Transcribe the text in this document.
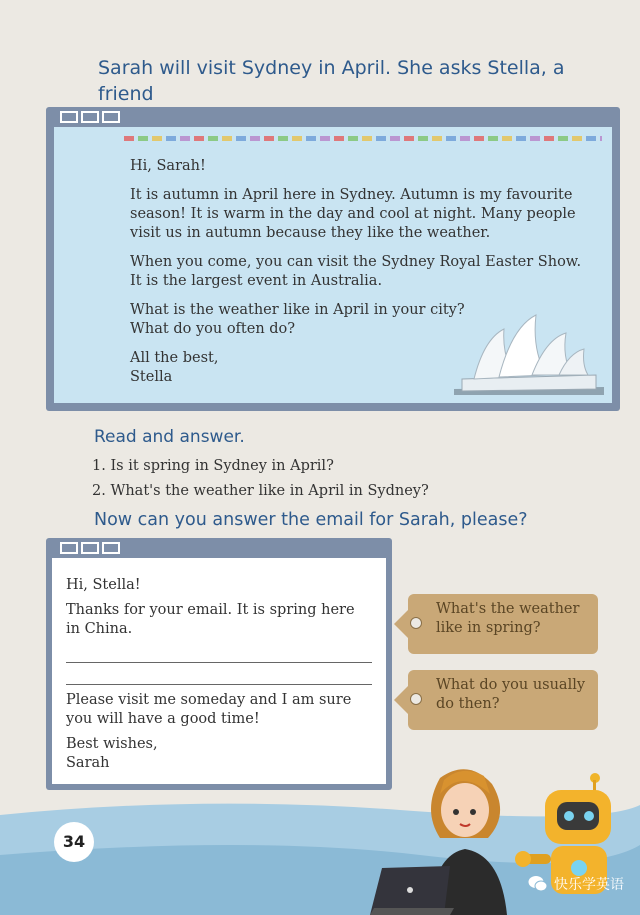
Sarah will visit Sydney in April. She asks Stella, a friend

Hi, Sarah!

It is autumn in April here in Sydney. Autumn is my favourite
season! It is warm in the day and cool at night. Many people
visit us in autumn because they like the weather.

When you come, you can visit the Sydney Royal Easter Show.
It is the largest event in Australia.

What is the weather like in April in your city?
What do you often do?

All the best,
Stella

Read and answer.
1. Is it spring in Sydney in April?
2. What's the weather like in April in Sydney?
Now can you answer the email for Sarah, please?
Hi, Stella!
Thanks for your email. It is spring here
in China.
Please visit me someday and I am sure
you will have a good time!
Best wishes,
Sarah
What's the weather
like in spring?
What do you usually
do then?
34
快乐学英语
